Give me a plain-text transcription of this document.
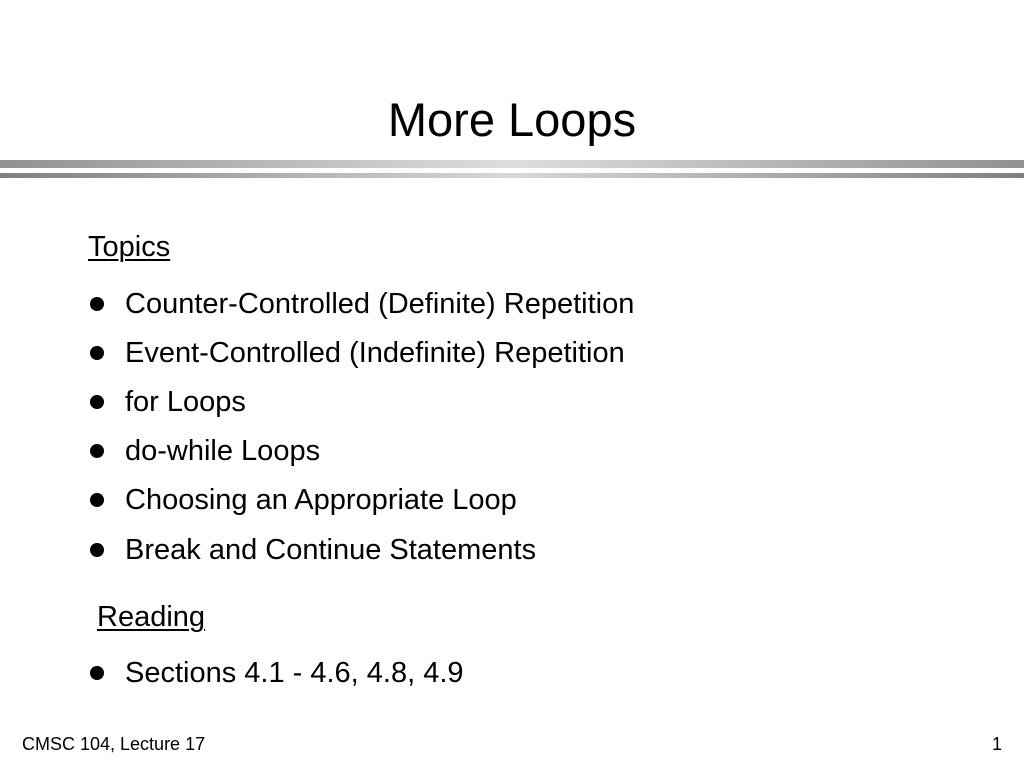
More Loops
Topics
Counter-Controlled (Definite) Repetition
Event-Controlled (Indefinite) Repetition
for Loops
do-while Loops
Choosing an Appropriate Loop
Break and Continue Statements
Reading
Sections 4.1 - 4.6, 4.8, 4.9
CMSC 104, Lecture 17	1
